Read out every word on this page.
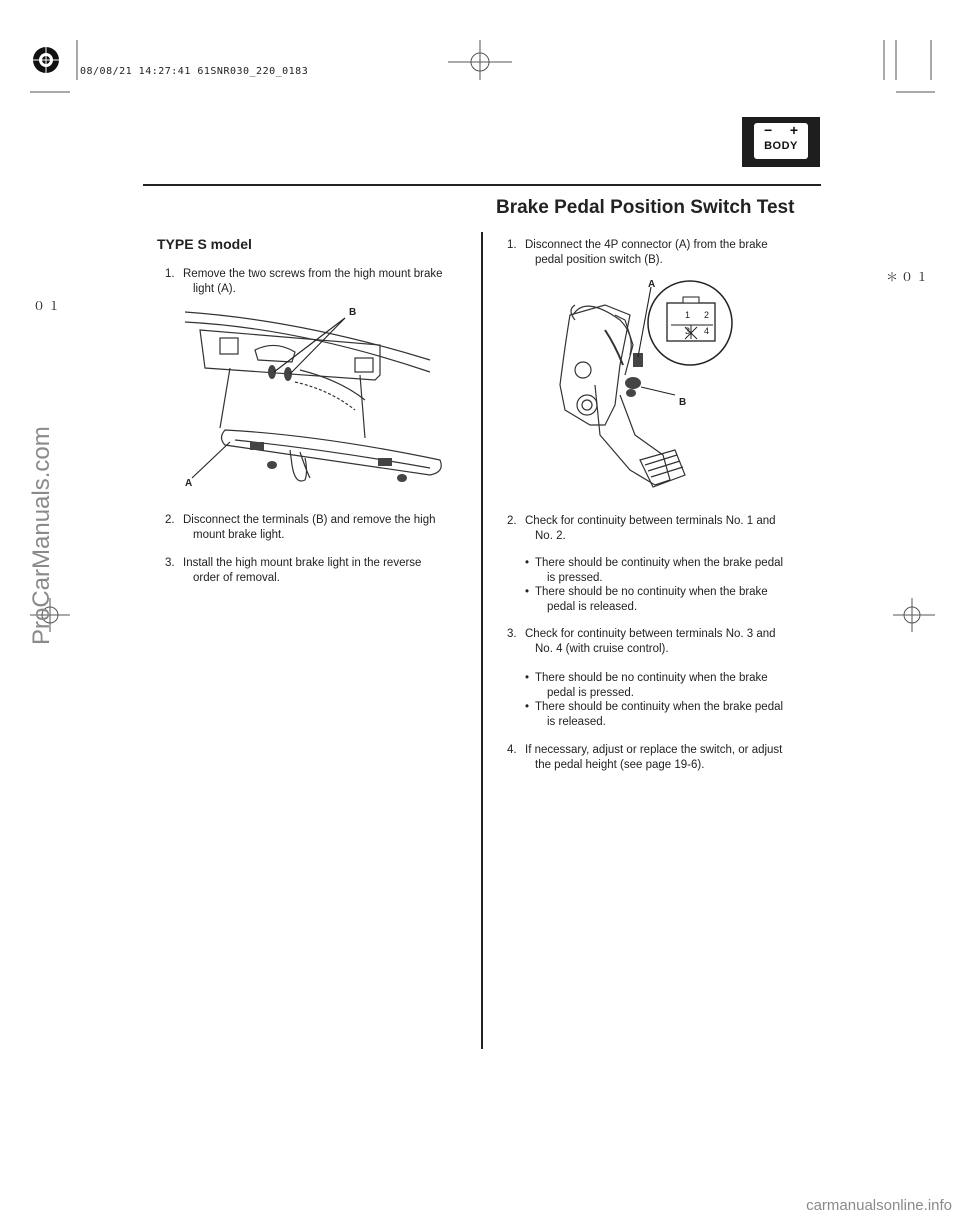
08/08/21 14:27:41 61SNR030_220_0183
ProCarManuals.com
０１
＊０１
− +
BODY
Brake Pedal Position Switch Test
TYPE S model
1. Remove the two screws from the high mount brake
light (A).
B
A
2. Disconnect the terminals (B) and remove the high
mount brake light.
3. Install the high mount brake light in the reverse
order of removal.
1. Disconnect the 4P connector (A) from the brake
pedal position switch (B).
1 2
3 4
A
B
2. Check for continuity between terminals No. 1 and
No. 2.
• There should be continuity when the brake pedal
is pressed.
• There should be no continuity when the brake
pedal is released.
3. Check for continuity between terminals No. 3 and
No. 4 (with cruise control).
• There should be no continuity when the brake
pedal is pressed.
• There should be continuity when the brake pedal
is released.
4. If necessary, adjust or replace the switch, or adjust
the pedal height (see page 19-6).
carmanualsonline.info
